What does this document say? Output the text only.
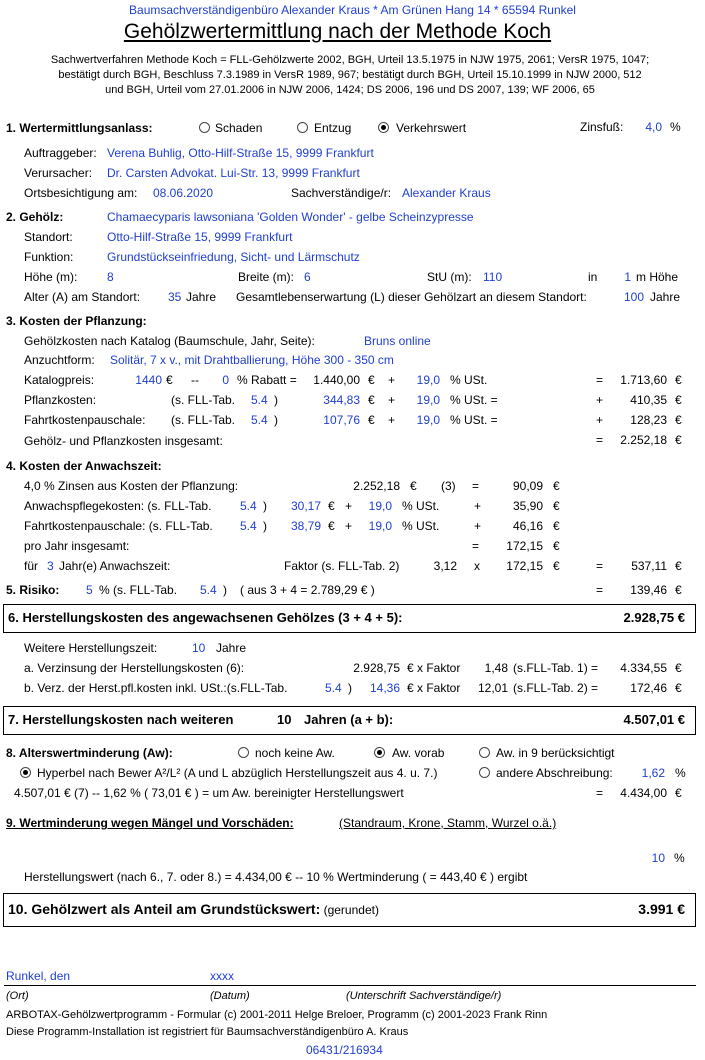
Baumsachverständigenbüro Alexander Kraus * Am Grünen Hang 14 * 65594 Runkel
Gehölzwertermittlung nach der Methode Koch
Sachwertverfahren Methode Koch = FLL-Gehölzwerte 2002, BGH, Urteil 13.5.1975 in NJW 1975, 2061; VersR 1975, 1047;
bestätigt durch BGH, Beschluss 7.3.1989 in VersR 1989, 967; bestätigt durch BGH, Urteil 15.10.1999 in NJW 2000, 512
und BGH, Urteil vom 27.01.2006 in NJW 2006, 1424; DS 2006, 196 und DS 2007, 139; WF 2006, 65
1. Wertermittlungsanlass:	Schaden	Entzug	Verkehrswert	Zinsfuß:	4,0 %
Auftraggeber: Verena Buhlig, Otto-Hilf-Straße 15, 9999 Frankfurt
Verursacher: Dr. Carsten Advokat. Lui-Str. 13, 9999 Frankfurt
Ortsbesichtigung am: 08.06.2020	Sachverständige/r: Alexander Kraus
2. Gehölz:	Chamaecyparis lawsoniana 'Golden Wonder' - gelbe Scheinzypresse
Standort:	Otto-Hilf-Straße 15, 9999 Frankfurt
Funktion:	Grundstückseinfriedung, Sicht- und Lärmschutz
Höhe (m): 8	Breite (m): 6	StU (m): 110	in	1 m Höhe
Alter (A) am Standort: 35 Jahre Gesamtlebenserwartung (L) dieser Gehölzart an diesem Standort:	100 Jahre
3. Kosten der Pflanzung:
Gehölzkosten nach Katalog (Baumschule, Jahr, Seite):	Bruns online
Anzuchtform: Solitär, 7 x v., mit Drahtballierung, Höhe 300 - 350 cm
Katalogpreis:	1440 € --	0 % Rabatt =	1.440,00 € +	19,0 % USt.	=	1.713,60 €
Pflanzkosten:	(s. FLL-Tab. 5.4 )	344,83 € +	19,0 % USt. =	+	410,35 €
Fahrtkostenpauschale: (s. FLL-Tab. 5.4 )	107,76 € +	19,0 % USt. =	+	128,23 €
Gehölz- und Pflanzkosten insgesamt:	=	2.252,18 €
4. Kosten der Anwachszeit:
4,0 % Zinsen aus Kosten der Pflanzung:	2.252,18 € (3) =	90,09 €
Anwachspflegekosten: (s. FLL-Tab. 5.4 )	30,17 € +	19,0 % USt.	+	35,90 €
Fahrtkostenpauschale: (s. FLL-Tab. 5.4 )	38,79 € +	19,0 % USt.	+	46,16 €
pro Jahr insgesamt:	=	172,15 €
für 3 Jahr(e) Anwachszeit:	Faktor (s. FLL-Tab. 2)	3,12 x	172,15 €	=	537,11 €
5. Risiko: 5 % (s. FLL-Tab. 5.4 ) ( aus 3 + 4 = 2.789,29 € )	=	139,46 €
6. Herstellungskosten des angewachsenen Gehölzes (3 + 4 + 5):	2.928,75 €
Weitere Herstellungszeit:	10 Jahre
a. Verzinsung der Herstellungskosten (6):	2.928,75 € x Faktor	1,48 (s.FLL-Tab. 1) =	4.334,55 €
b. Verz. der Herst.pfl.kosten inkl. USt.:(s.FLL-Tab.	5.4 )	14,36 € x Faktor	12,01 (s.FLL-Tab. 2) =	172,46 €
7. Herstellungskosten nach weiteren	10 Jahren (a + b):	4.507,01 €
8. Alterswertminderung (Aw):	noch keine Aw.	Aw. vorab	Aw. in 9 berücksichtigt
Hyperbel nach Bewer A²/L² (A und L abzüglich Herstellungszeit aus 4. u. 7.)	andere Abschreibung:	1,62 %
4.507,01 € (7) -- 1,62 % ( 73,01 € ) = um Aw. bereinigter Herstellungswert	=	4.434,00 €
9. Wertminderung wegen Mängel und Vorschäden:	(Standraum, Krone, Stamm, Wurzel o.ä.)
10 %
Herstellungswert (nach 6., 7. oder 8.) = 4.434,00 € -- 10 % Wertminderung ( = 443,40 € ) ergibt
10. Gehölzwert als Anteil am Grundstückswert: (gerundet)	3.991 €
Runkel, den	xxxx
(Ort)	(Datum)	(Unterschrift Sachverständige/r)
ARBOTAX-Gehölzwertprogramm - Formular (c) 2001-2011 Helge Breloer, Programm (c) 2001-2023 Frank Rinn
Diese Programm-Installation ist registriert für Baumsachverständigenbüro A. Kraus
06431/216934
